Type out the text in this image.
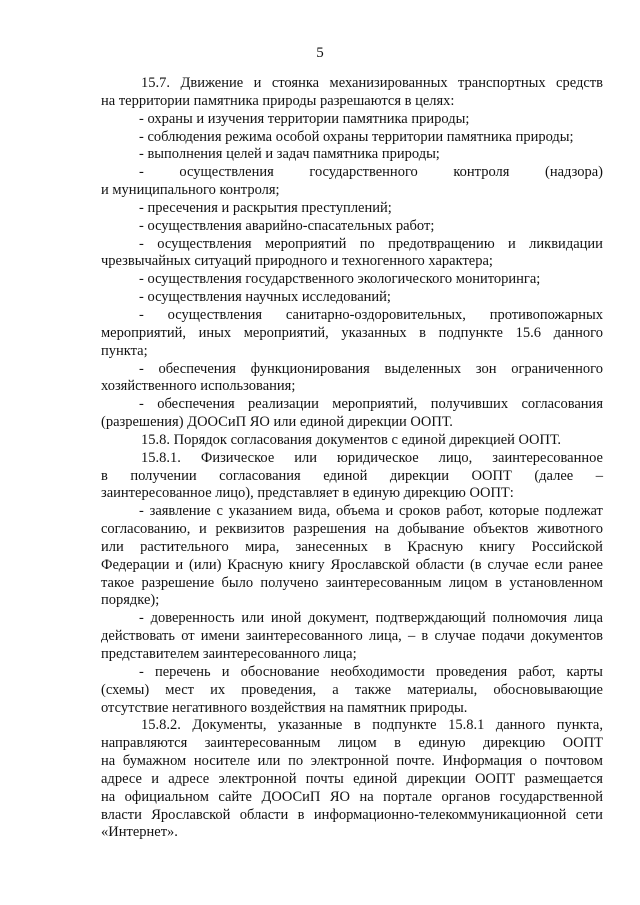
5
15.7. Движение и стоянка механизированных транспортных средств
на территории памятника природы разрешаются в целях:
- охраны и изучения территории памятника природы;
- соблюдения режима особой охраны территории памятника природы;
- выполнения целей и задач памятника природы;
- осуществления государственного контроля (надзора)
и муниципального контроля;
- пресечения и раскрытия преступлений;
- осуществления аварийно-спасательных работ;
- осуществления мероприятий по предотвращению и ликвидации
чрезвычайных ситуаций природного и техногенного характера;
- осуществления государственного экологического мониторинга;
- осуществления научных исследований;
- осуществления санитарно-оздоровительных, противопожарных
мероприятий, иных мероприятий, указанных в подпункте 15.6 данного
пункта;
- обеспечения функционирования выделенных зон ограниченного
хозяйственного использования;
- обеспечения реализации мероприятий, получивших согласования
(разрешения) ДООСиП ЯО или единой дирекции ООПТ.
15.8. Порядок согласования документов с единой дирекцией ООПТ.
15.8.1. Физическое или юридическое лицо, заинтересованное
в получении согласования единой дирекции ООПТ (далее –
заинтересованное лицо), представляет в единую дирекцию ООПТ:
- заявление с указанием вида, объема и сроков работ, которые подлежат
согласованию, и реквизитов разрешения на добывание объектов животного
или растительного мира, занесенных в Красную книгу Российской
Федерации и (или) Красную книгу Ярославской области (в случае если ранее
такое разрешение было получено заинтересованным лицом в установленном
порядке);
- доверенность или иной документ, подтверждающий полномочия лица
действовать от имени заинтересованного лица, – в случае подачи документов
представителем заинтересованного лица;
- перечень и обоснование необходимости проведения работ, карты
(схемы) мест их проведения, а также материалы, обосновывающие
отсутствие негативного воздействия на памятник природы.
15.8.2. Документы, указанные в подпункте 15.8.1 данного пункта,
направляются заинтересованным лицом в единую дирекцию ООПТ
на бумажном носителе или по электронной почте. Информация о почтовом
адресе и адресе электронной почты единой дирекции ООПТ размещается
на официальном сайте ДООСиП ЯО на портале органов государственной
власти Ярославской области в информационно-телекоммуникационной сети
«Интернет».
